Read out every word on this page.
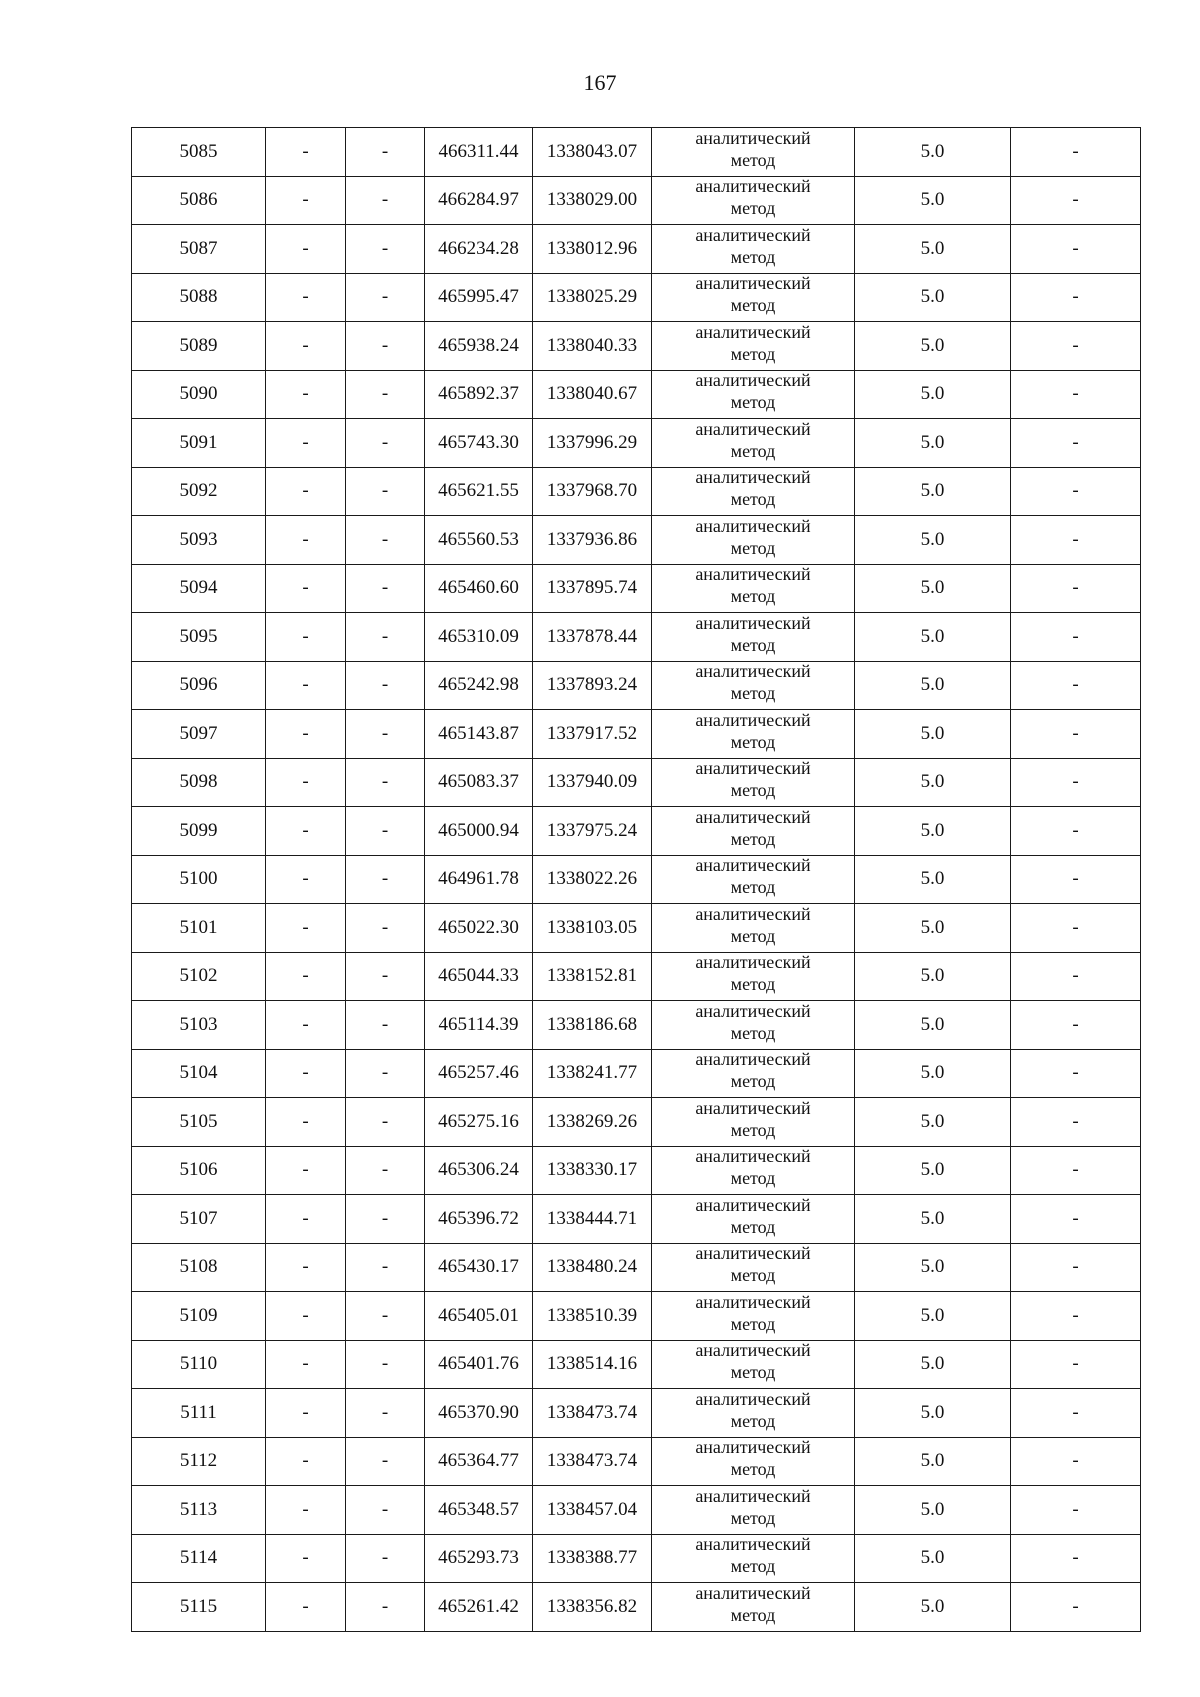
167
5085	-	-	466311.44	1338043.07	аналитический
метод	5.0	-
5086	-	-	466284.97	1338029.00	аналитический
метод	5.0	-
5087	-	-	466234.28	1338012.96	аналитический
метод	5.0	-
5088	-	-	465995.47	1338025.29	аналитический
метод	5.0	-
5089	-	-	465938.24	1338040.33	аналитический
метод	5.0	-
5090	-	-	465892.37	1338040.67	аналитический
метод	5.0	-
5091	-	-	465743.30	1337996.29	аналитический
метод	5.0	-
5092	-	-	465621.55	1337968.70	аналитический
метод	5.0	-
5093	-	-	465560.53	1337936.86	аналитический
метод	5.0	-
5094	-	-	465460.60	1337895.74	аналитический
метод	5.0	-
5095	-	-	465310.09	1337878.44	аналитический
метод	5.0	-
5096	-	-	465242.98	1337893.24	аналитический
метод	5.0	-
5097	-	-	465143.87	1337917.52	аналитический
метод	5.0	-
5098	-	-	465083.37	1337940.09	аналитический
метод	5.0	-
5099	-	-	465000.94	1337975.24	аналитический
метод	5.0	-
5100	-	-	464961.78	1338022.26	аналитический
метод	5.0	-
5101	-	-	465022.30	1338103.05	аналитический
метод	5.0	-
5102	-	-	465044.33	1338152.81	аналитический
метод	5.0	-
5103	-	-	465114.39	1338186.68	аналитический
метод	5.0	-
5104	-	-	465257.46	1338241.77	аналитический
метод	5.0	-
5105	-	-	465275.16	1338269.26	аналитический
метод	5.0	-
5106	-	-	465306.24	1338330.17	аналитический
метод	5.0	-
5107	-	-	465396.72	1338444.71	аналитический
метод	5.0	-
5108	-	-	465430.17	1338480.24	аналитический
метод	5.0	-
5109	-	-	465405.01	1338510.39	аналитический
метод	5.0	-
5110	-	-	465401.76	1338514.16	аналитический
метод	5.0	-
5111	-	-	465370.90	1338473.74	аналитический
метод	5.0	-
5112	-	-	465364.77	1338473.74	аналитический
метод	5.0	-
5113	-	-	465348.57	1338457.04	аналитический
метод	5.0	-
5114	-	-	465293.73	1338388.77	аналитический
метод	5.0	-
5115	-	-	465261.42	1338356.82	аналитический
метод	5.0	-
